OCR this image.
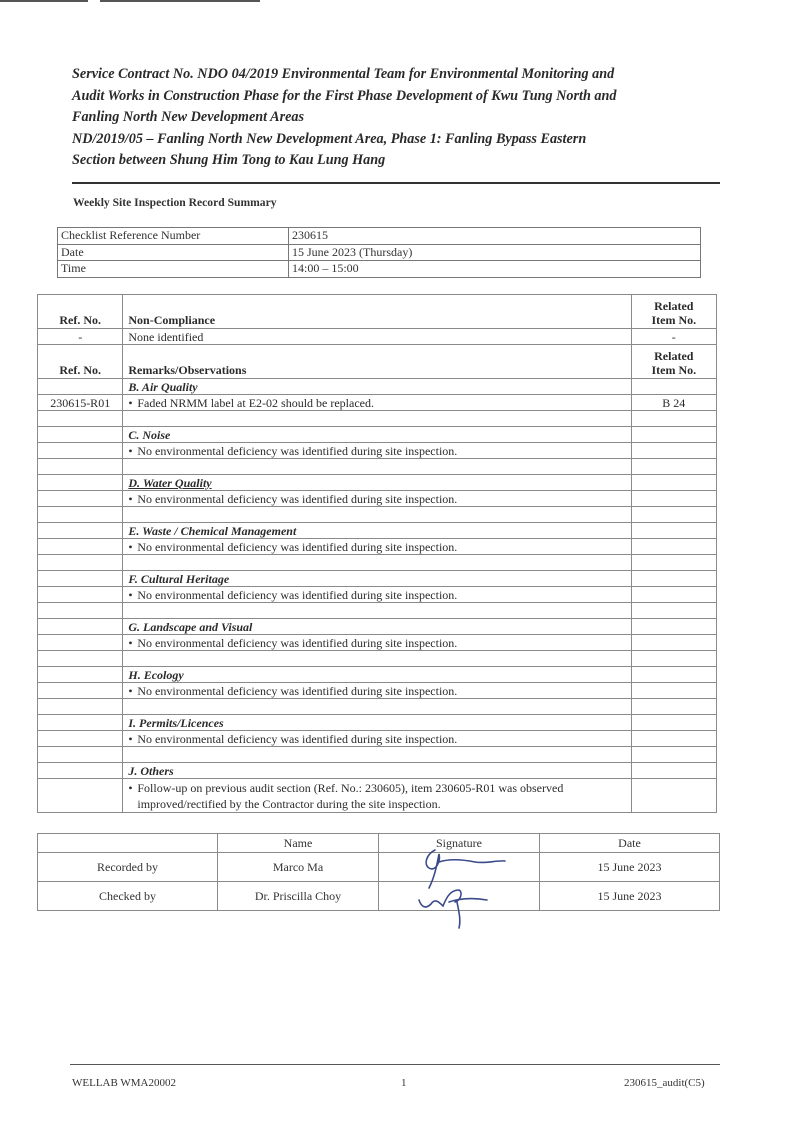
Service Contract No. NDO 04/2019 Environmental Team for Environmental Monitoring and
Audit Works in Construction Phase for the First Phase Development of Kwu Tung North and
Fanling North New Development Areas
ND/2019/05 – Fanling North New Development Area, Phase 1: Fanling Bypass Eastern
Section between Shung Him Tong to Kau Lung Hang
Weekly Site Inspection Record Summary
Checklist Reference Number	230615
Date	15 June 2023 (Thursday)
Time	14:00 – 15:00
Ref. No.	Non-Compliance	Related
Item No.
-	None identified	-
Ref. No.	Remarks/Observations	Related
Item No.
	B. Air Quality	
230615-R01	• Faded NRMM label at E2-02 should be replaced.	B 24

	C. Noise	
	• No environmental deficiency was identified during site inspection.	

	D. Water Quality	
	• No environmental deficiency was identified during site inspection.	

	E. Waste / Chemical Management	
	• No environmental deficiency was identified during site inspection.	

	F. Cultural Heritage	
	• No environmental deficiency was identified during site inspection.	

	G. Landscape and Visual	
	• No environmental deficiency was identified during site inspection.	

	H. Ecology	
	• No environmental deficiency was identified during site inspection.	

	I. Permits/Licences	
	• No environmental deficiency was identified during site inspection.	

	J. Others	
	• Follow-up on previous audit section (Ref. No.: 230605), item 230605-R01 was observed
improved/rectified by the Contractor during the site inspection.	
	Name	Signature	Date
Recorded by	Marco Ma		15 June 2023
Checked by	Dr. Priscilla Choy		15 June 2023
WELLAB WMA20002	1	230615_audit(C5)
